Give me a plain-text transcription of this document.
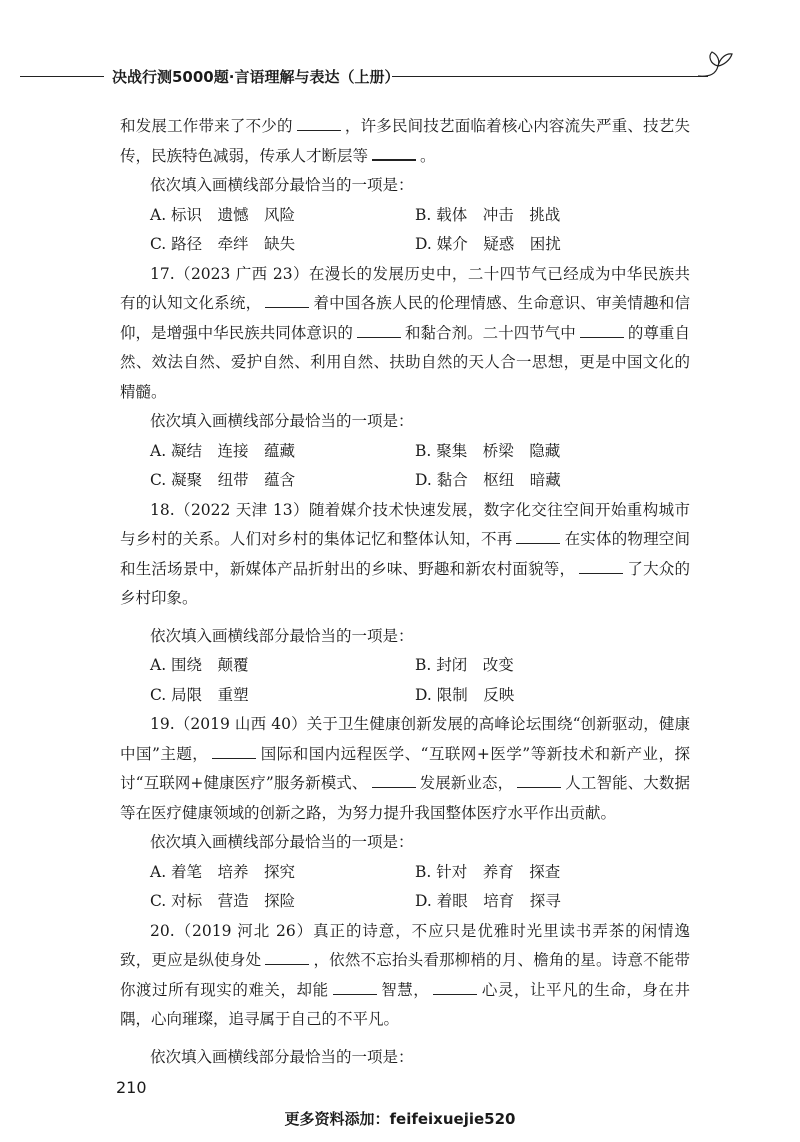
决战行测5000题·言语理解与表达（上册）

和发展工作带来了不少的	，许多民间技艺面临着核心内容流失严重、技艺失传，民族特色减弱，传承人才断层等	。

依次填入画横线部分最恰当的一项是：

A. 标识　遗憾　风险	B. 载体　冲击　挑战
C. 路径　牵绊　缺失	D. 媒介　疑惑　困扰

17.（2023 广西 23）在漫长的发展历史中，二十四节气已经成为中华民族共有的认知文化系统，	着中国各族人民的伦理情感、生命意识、审美情趣和信仰，是增强中华民族共同体意识的	和黏合剂。二十四节气中	的尊重自然、效法自然、爱护自然、利用自然、扶助自然的天人合一思想，更是中国文化的精髓。

依次填入画横线部分最恰当的一项是：

A. 凝结　连接　蕴藏	B. 聚集　桥梁　隐藏
C. 凝聚　纽带　蕴含	D. 黏合　枢纽　暗藏

18.（2022 天津 13）随着媒介技术快速发展，数字化交往空间开始重构城市与乡村的关系。人们对乡村的集体记忆和整体认知，不再	在实体的物理空间和生活场景中，新媒体产品折射出的乡味、野趣和新农村面貌等，	了大众的乡村印象。

依次填入画横线部分最恰当的一项是：

A. 围绕　颠覆	B. 封闭　改变
C. 局限　重塑	D. 限制　反映

19.（2019 山西 40）关于卫生健康创新发展的高峰论坛围绕“创新驱动，健康中国”主题，	国际和国内远程医学、“互联网+医学”等新技术和新产业，探讨“互联网+健康医疗”服务新模式、	发展新业态，	人工智能、大数据等在医疗健康领域的创新之路，为努力提升我国整体医疗水平作出贡献。

依次填入画横线部分最恰当的一项是：

A. 着笔　培养　探究	B. 针对　养育　探查
C. 对标　营造　探险	D. 着眼　培育　探寻

20.（2019 河北 26）真正的诗意，不应只是优雅时光里读书弄茶的闲情逸致，更应是纵使身处	，依然不忘抬头看那柳梢的月、檐角的星。诗意不能带你渡过所有现实的难关，却能	智慧，	心灵，让平凡的生命，身在井隅，心向璀璨，追寻属于自己的不平凡。

依次填入画横线部分最恰当的一项是：

210
更多资料添加：feifeixuejie520
